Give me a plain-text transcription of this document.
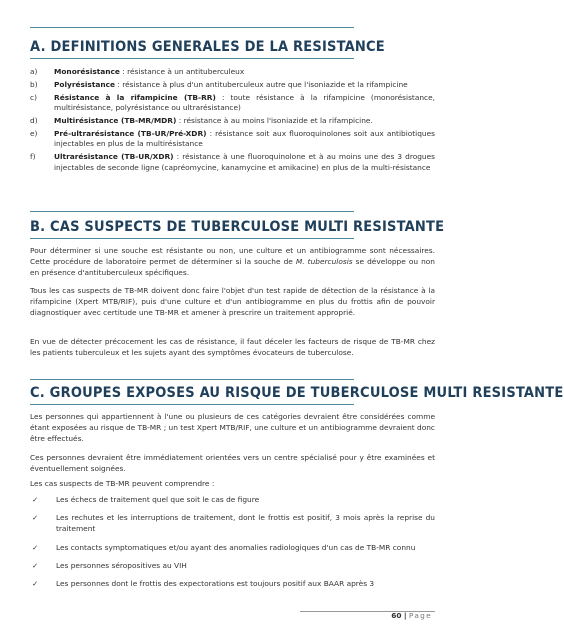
A. DEFINITIONS GENERALES DE LA RESISTANCE
a)	Monorésistance : résistance à un antituberculeux
b)	Polyrésistance : résistance à plus d'un antituberculeux autre que l'isoniazide et la rifampicine
c)	Résistance à la rifampicine (TB-RR) : toute résistance à la rifampicine (monorésistance, multirésistance, polyrésistance ou ultrarésistance)
d)	Multirésistance (TB-MR/MDR) : résistance à au moins l'isoniazide et la rifampicine.
e)	Pré-ultrarésistance (TB-UR/Pré-XDR) : résistance soit aux fluoroquinolones soit aux antibiotiques injectables en plus de la multirésistance
f)	Ultrarésistance (TB-UR/XDR) : résistance à une fluoroquinolone et à au moins une des 3 drogues injectables de seconde ligne (capréomycine, kanamycine et amikacine) en plus de la multi-résistance
B. CAS SUSPECTS DE TUBERCULOSE MULTI RESISTANTE
Pour déterminer si une souche est résistante ou non, une culture et un antibiogramme sont nécessaires. Cette procédure de laboratoire permet de déterminer si la souche de M. tuberculosis se développe ou non en présence d'antituberculeux spécifiques.
Tous les cas suspects de TB-MR doivent donc faire l'objet d'un test rapide de détection de la résistance à la rifampicine (Xpert MTB/RIF), puis d'une culture et d'un antibiogramme en plus du frottis afin de pouvoir diagnostiquer avec certitude une TB-MR et amener à prescrire un traitement approprié.
En vue de détecter précocement les cas de résistance, il faut déceler les facteurs de risque de TB-MR chez les patients tuberculeux et les sujets ayant des symptômes évocateurs de tuberculose.
C. GROUPES EXPOSES AU RISQUE DE TUBERCULOSE MULTI RESISTANTE
Les personnes qui appartiennent à l'une ou plusieurs de ces catégories devraient être considérées comme étant exposées au risque de TB-MR ; un test Xpert MTB/RIF, une culture et un antibiogramme devraient donc être effectués.
Ces personnes devraient être immédiatement orientées vers un centre spécialisé pour y être examinées et éventuellement soignées.
Les cas suspects de TB-MR peuvent comprendre :
✓	Les échecs de traitement quel que soit le cas de figure
✓	Les rechutes et les interruptions de traitement, dont le frottis est positif, 3 mois après la reprise du traitement
✓	Les contacts symptomatiques et/ou ayant des anomalies radiologiques d'un cas de TB-MR connu
✓	Les personnes séropositives au VIH
✓	Les personnes dont le frottis des expectorations est toujours positif aux BAAR après 3
60 | Page
